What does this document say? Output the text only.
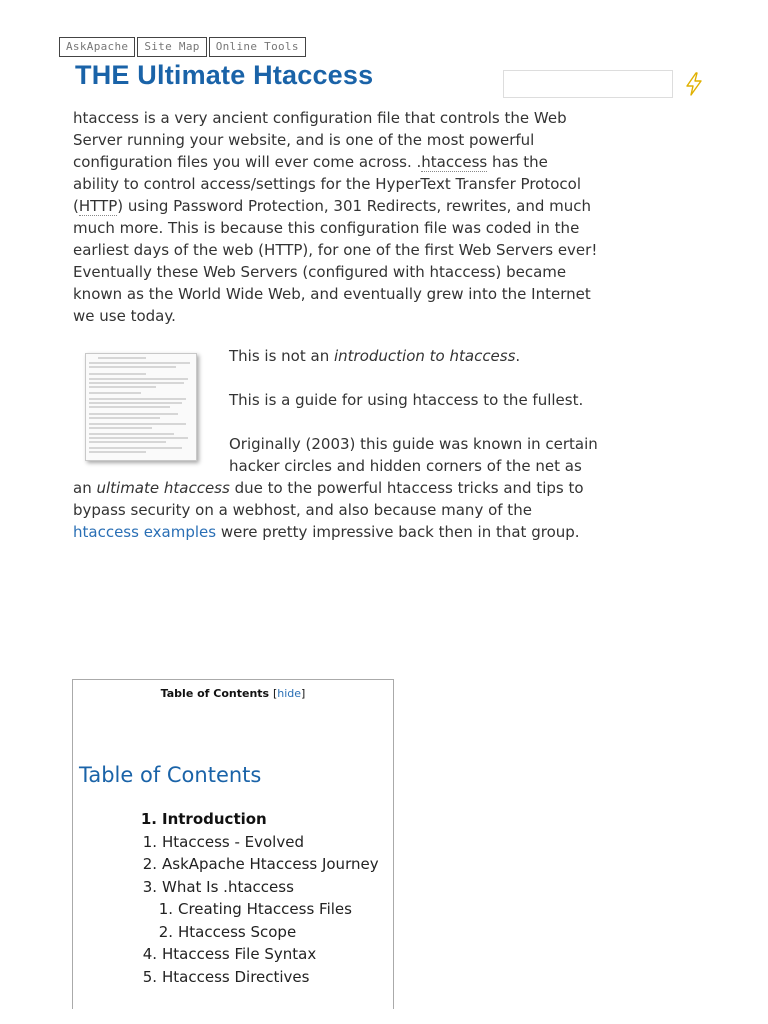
AskApache	Site Map	Online Tools
THE Ultimate Htaccess

htaccess is a very ancient configuration file that controls the Web Server running your website, and is one of the most powerful configuration files you will ever come across. .htaccess has the ability to control access/settings for the HyperText Transfer Protocol (HTTP) using Password Protection, 301 Redirects, rewrites, and much much more. This is because this configuration file was coded in the earliest days of the web (HTTP), for one of the first Web Servers ever! Eventually these Web Servers (configured with htaccess) became known as the World Wide Web, and eventually grew into the Internet we use today.

This is not an introduction to htaccess.

This is a guide for using htaccess to the fullest.

Originally (2003) this guide was known in certain hacker circles and hidden corners of the net as an ultimate htaccess due to the powerful htaccess tricks and tips to bypass security on a webhost, and also because many of the htaccess examples were pretty impressive back then in that group.

Table of Contents [hide]
Table of Contents
1. Introduction
1. Htaccess - Evolved
2. AskApache Htaccess Journey
3. What Is .htaccess
1. Creating Htaccess Files
2. Htaccess Scope
4. Htaccess File Syntax
5. Htaccess Directives
